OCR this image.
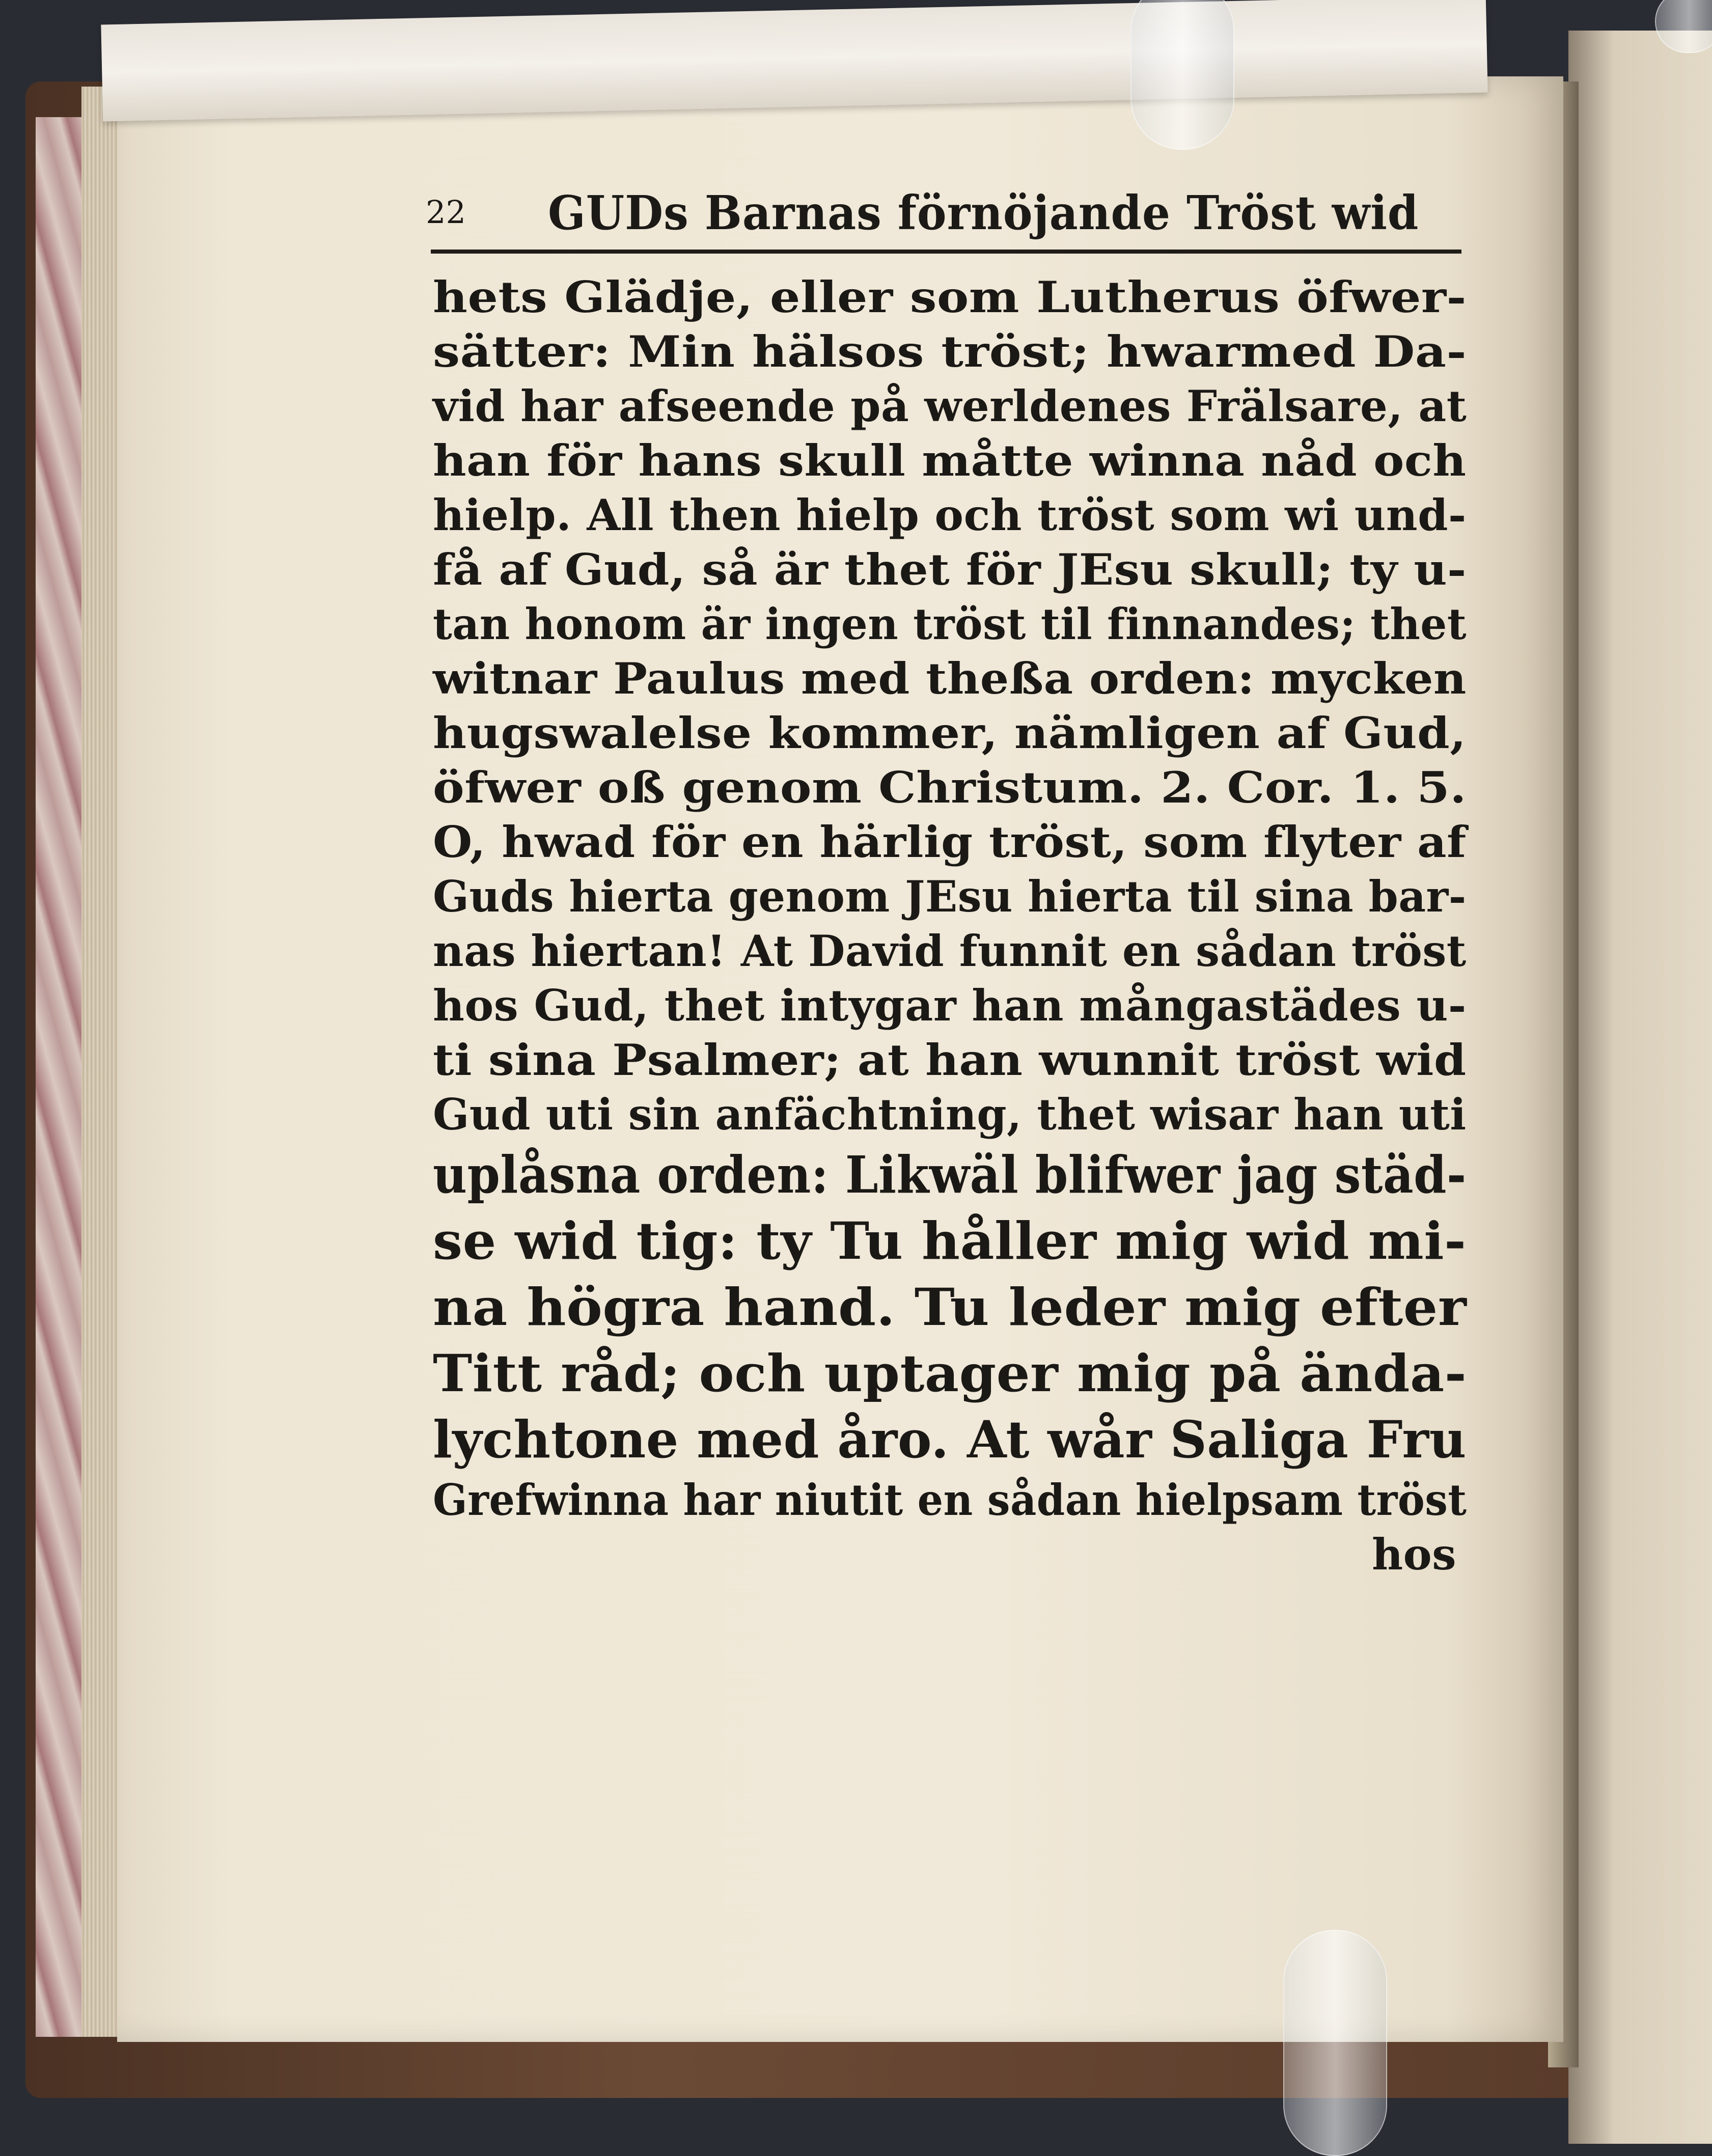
22 GUDs Barnas förnöjande Tröst wid
hets Glädje, eller som Lutherus öfwer-
sätter: Min hälsos tröst; hwarmed Da-
vid har afseende på werldenes Frälsare, at
han för hans skull måtte winna nåd och
hielp. All then hielp och tröst som wi und-
få af Gud, så är thet för JEsu skull; ty u-
tan honom är ingen tröst til finnandes; thet
witnar Paulus med theßa orden: mycken
hugswalelse kommer, nämligen af Gud,
öfwer oß genom Christum. 2. Cor. 1. 5.
O, hwad för en härlig tröst, som flyter af
Guds hierta genom JEsu hierta til sina bar-
nas hiertan! At David funnit en sådan tröst
hos Gud, thet intygar han mångastädes u-
ti sina Psalmer; at han wunnit tröst wid
Gud uti sin anfächtning, thet wisar han uti
uplåsna orden: Likwäl blifwer jag städ-
se wid tig: ty Tu håller mig wid mi-
na högra hand. Tu leder mig efter
Titt råd; och uptager mig på ända-
lychtone med åro. At wår Saliga Fru
Grefwinna har niutit en sådan hielpsam tröst
hos
